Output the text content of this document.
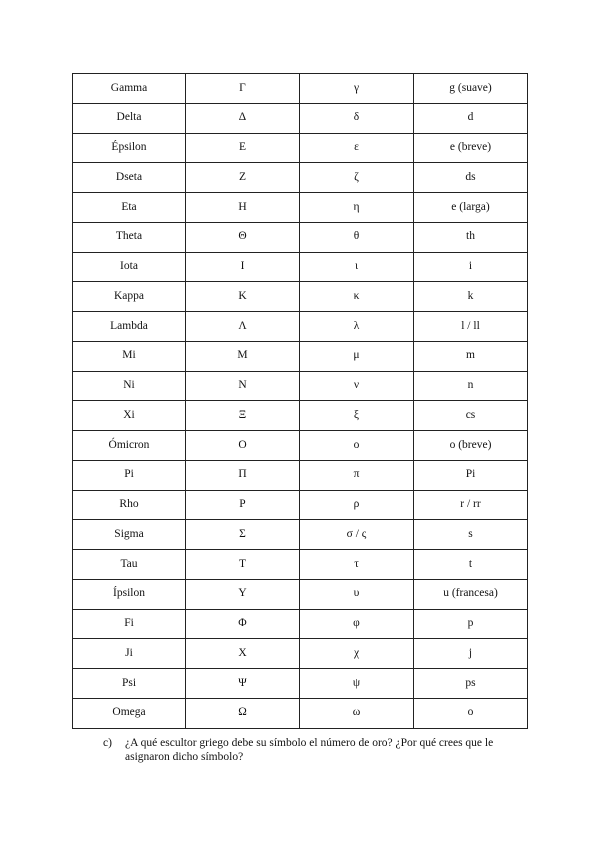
Gamma	Γ	γ	g (suave)
Delta	Δ	δ	d
Épsilon	Ε	ε	e (breve)
Dseta	Ζ	ζ	ds
Eta	Η	η	e (larga)
Theta	Θ	θ	th
Iota	Ι	ι	i
Kappa	Κ	κ	k
Lambda	Λ	λ	l / ll
Mi	Μ	μ	m
Ni	Ν	ν	n
Xi	Ξ	ξ	cs
Ómicron	Ο	ο	o (breve)
Pi	Π	π	Pi
Rho	Ρ	ρ	r / rr
Sigma	Σ	σ / ς	s
Tau	Τ	τ	t
Ípsilon	Υ	υ	u (francesa)
Fi	Φ	φ	p
Ji	Χ	χ	j
Psi	Ψ	ψ	ps
Omega	Ω	ω	o
c) ¿A qué escultor griego debe su símbolo el número de oro? ¿Por qué crees que le asignaron dicho símbolo?
